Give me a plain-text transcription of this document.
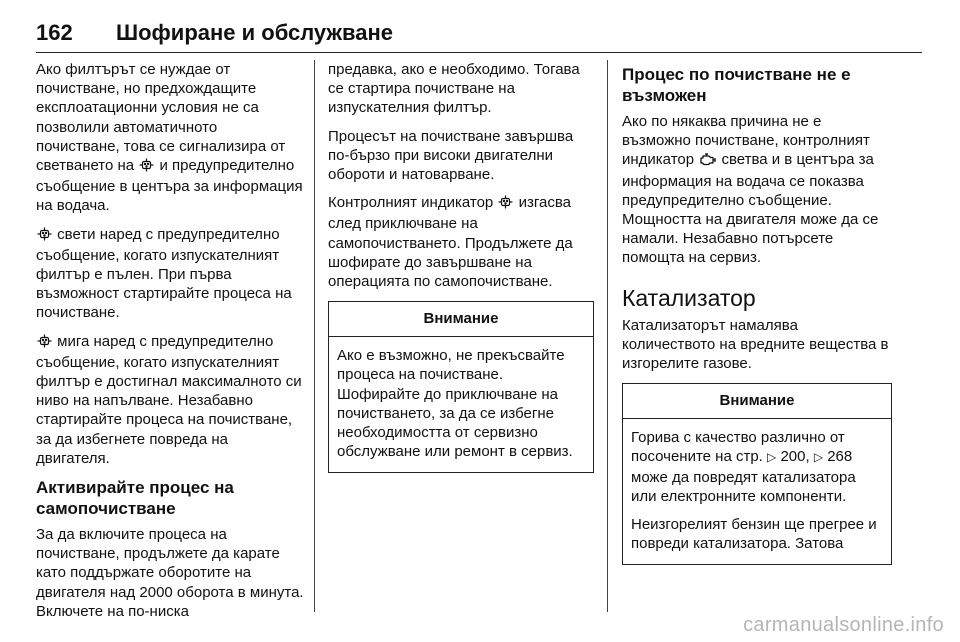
162 Шофиране и обслужване

Ако филтърът се нуждае от почистване, но предхождащите експлоатационни условия не са позволили автоматичното почистване, това се сигнализира от светването на и предупредително съобщение в центъра за информация на водача.

свети наред с предупредително съобщение, когато изпускателният филтър е пълен. При първа възможност стартирайте процеса на почистване.

мига наред с предупредително съобщение, когато изпускателният филтър е достигнал максималното си ниво на напълване. Незабавно стартирайте процеса на почистване, за да избегнете повреда на двигателя.

Активирайте процес на самопочистване

За да включите процеса на почистване, продължете да карате като поддържате оборотите на двигателя над 2000 оборота в минута. Включете на по-ниска

предавка, ако е необходимо. Тогава се стартира почистване на изпускателния филтър.

Процесът на почистване завършва по-бързо при високи двигателни обороти и натоварване.

Контролният индикатор изгасва след приключване на самопочистването. Продължете да шофирате до завършване на операцията по самопочистване.

Внимание

Ако е възможно, не прекъсвайте процеса на почистване. Шофирайте до приключване на почистването, за да се избегне необходимостта от сервизно обслужване или ремонт в сервиз.

Процес по почистване не е възможен

Ако по някаква причина не е възможно почистване, контролният индикатор светва и в центъра за информация на водача се показва предупредително съобщение. Мощността на двигателя може да се намали. Незабавно потърсете помощта на сервиз.

Катализатор

Катализаторът намалява количеството на вредните вещества в изгорелите газове.

Внимание

Горива с качество различно от посочените на стр. ▷ 200, ▷ 268 може да повредят катализатора или електронните компоненти.

Неизгорелият бензин ще прегрее и повреди катализатора. Затова

carmanualsonline.info
